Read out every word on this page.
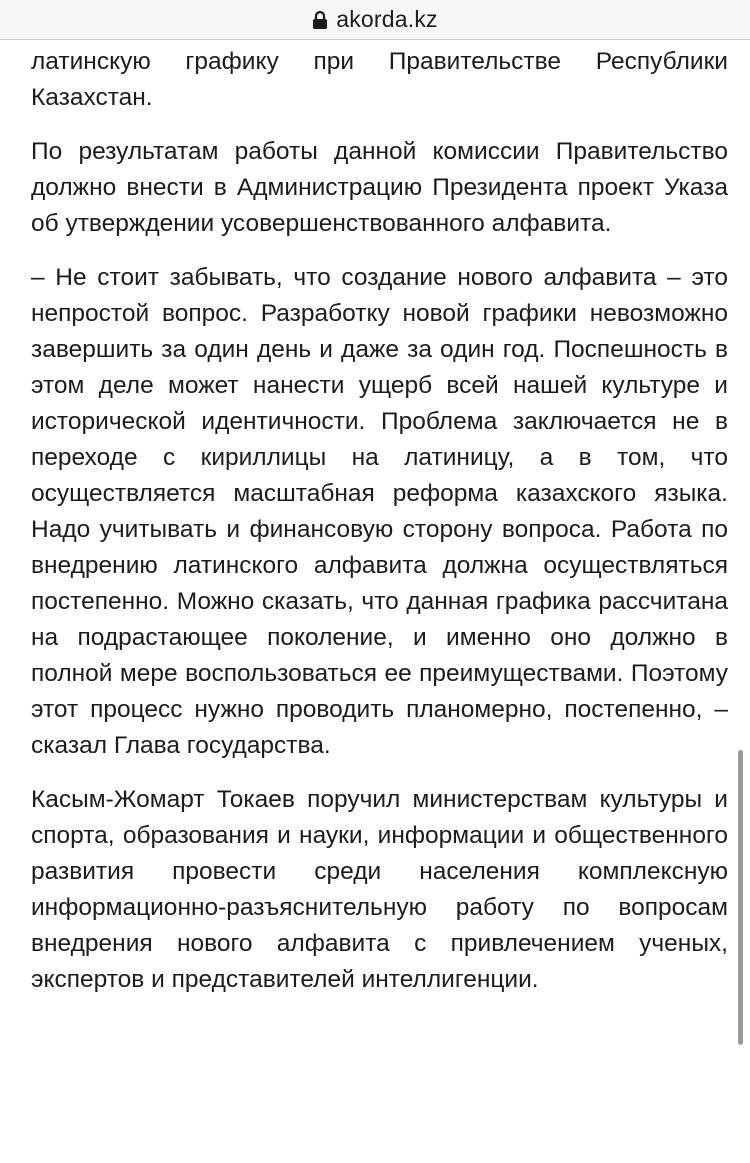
akorda.kz

латинскую графику при Правительстве Республики Казахстан.

По результатам работы данной комиссии Правительство должно внести в Администрацию Президента проект Указа об утверждении усовершенствованного алфавита.

– Не стоит забывать, что создание нового алфавита – это непростой вопрос. Разработку новой графики невозможно завершить за один день и даже за один год. Поспешность в этом деле может нанести ущерб всей нашей культуре и исторической идентичности. Проблема заключается не в переходе с кириллицы на латиницу, а в том, что осуществляется масштабная реформа казахского языка. Надо учитывать и финансовую сторону вопроса. Работа по внедрению латинского алфавита должна осуществляться постепенно. Можно сказать, что данная графика рассчитана на подрастающее поколение, и именно оно должно в полной мере воспользоваться ее преимуществами. Поэтому этот процесс нужно проводить планомерно, постепенно, – сказал Глава государства.

Касым-Жомарт Токаев поручил министерствам культуры и спорта, образования и науки, информации и общественного развития провести среди населения комплексную информационно-разъяснительную работу по вопросам внедрения нового алфавита с привлечением ученых, экспертов и представителей интеллигенции.
